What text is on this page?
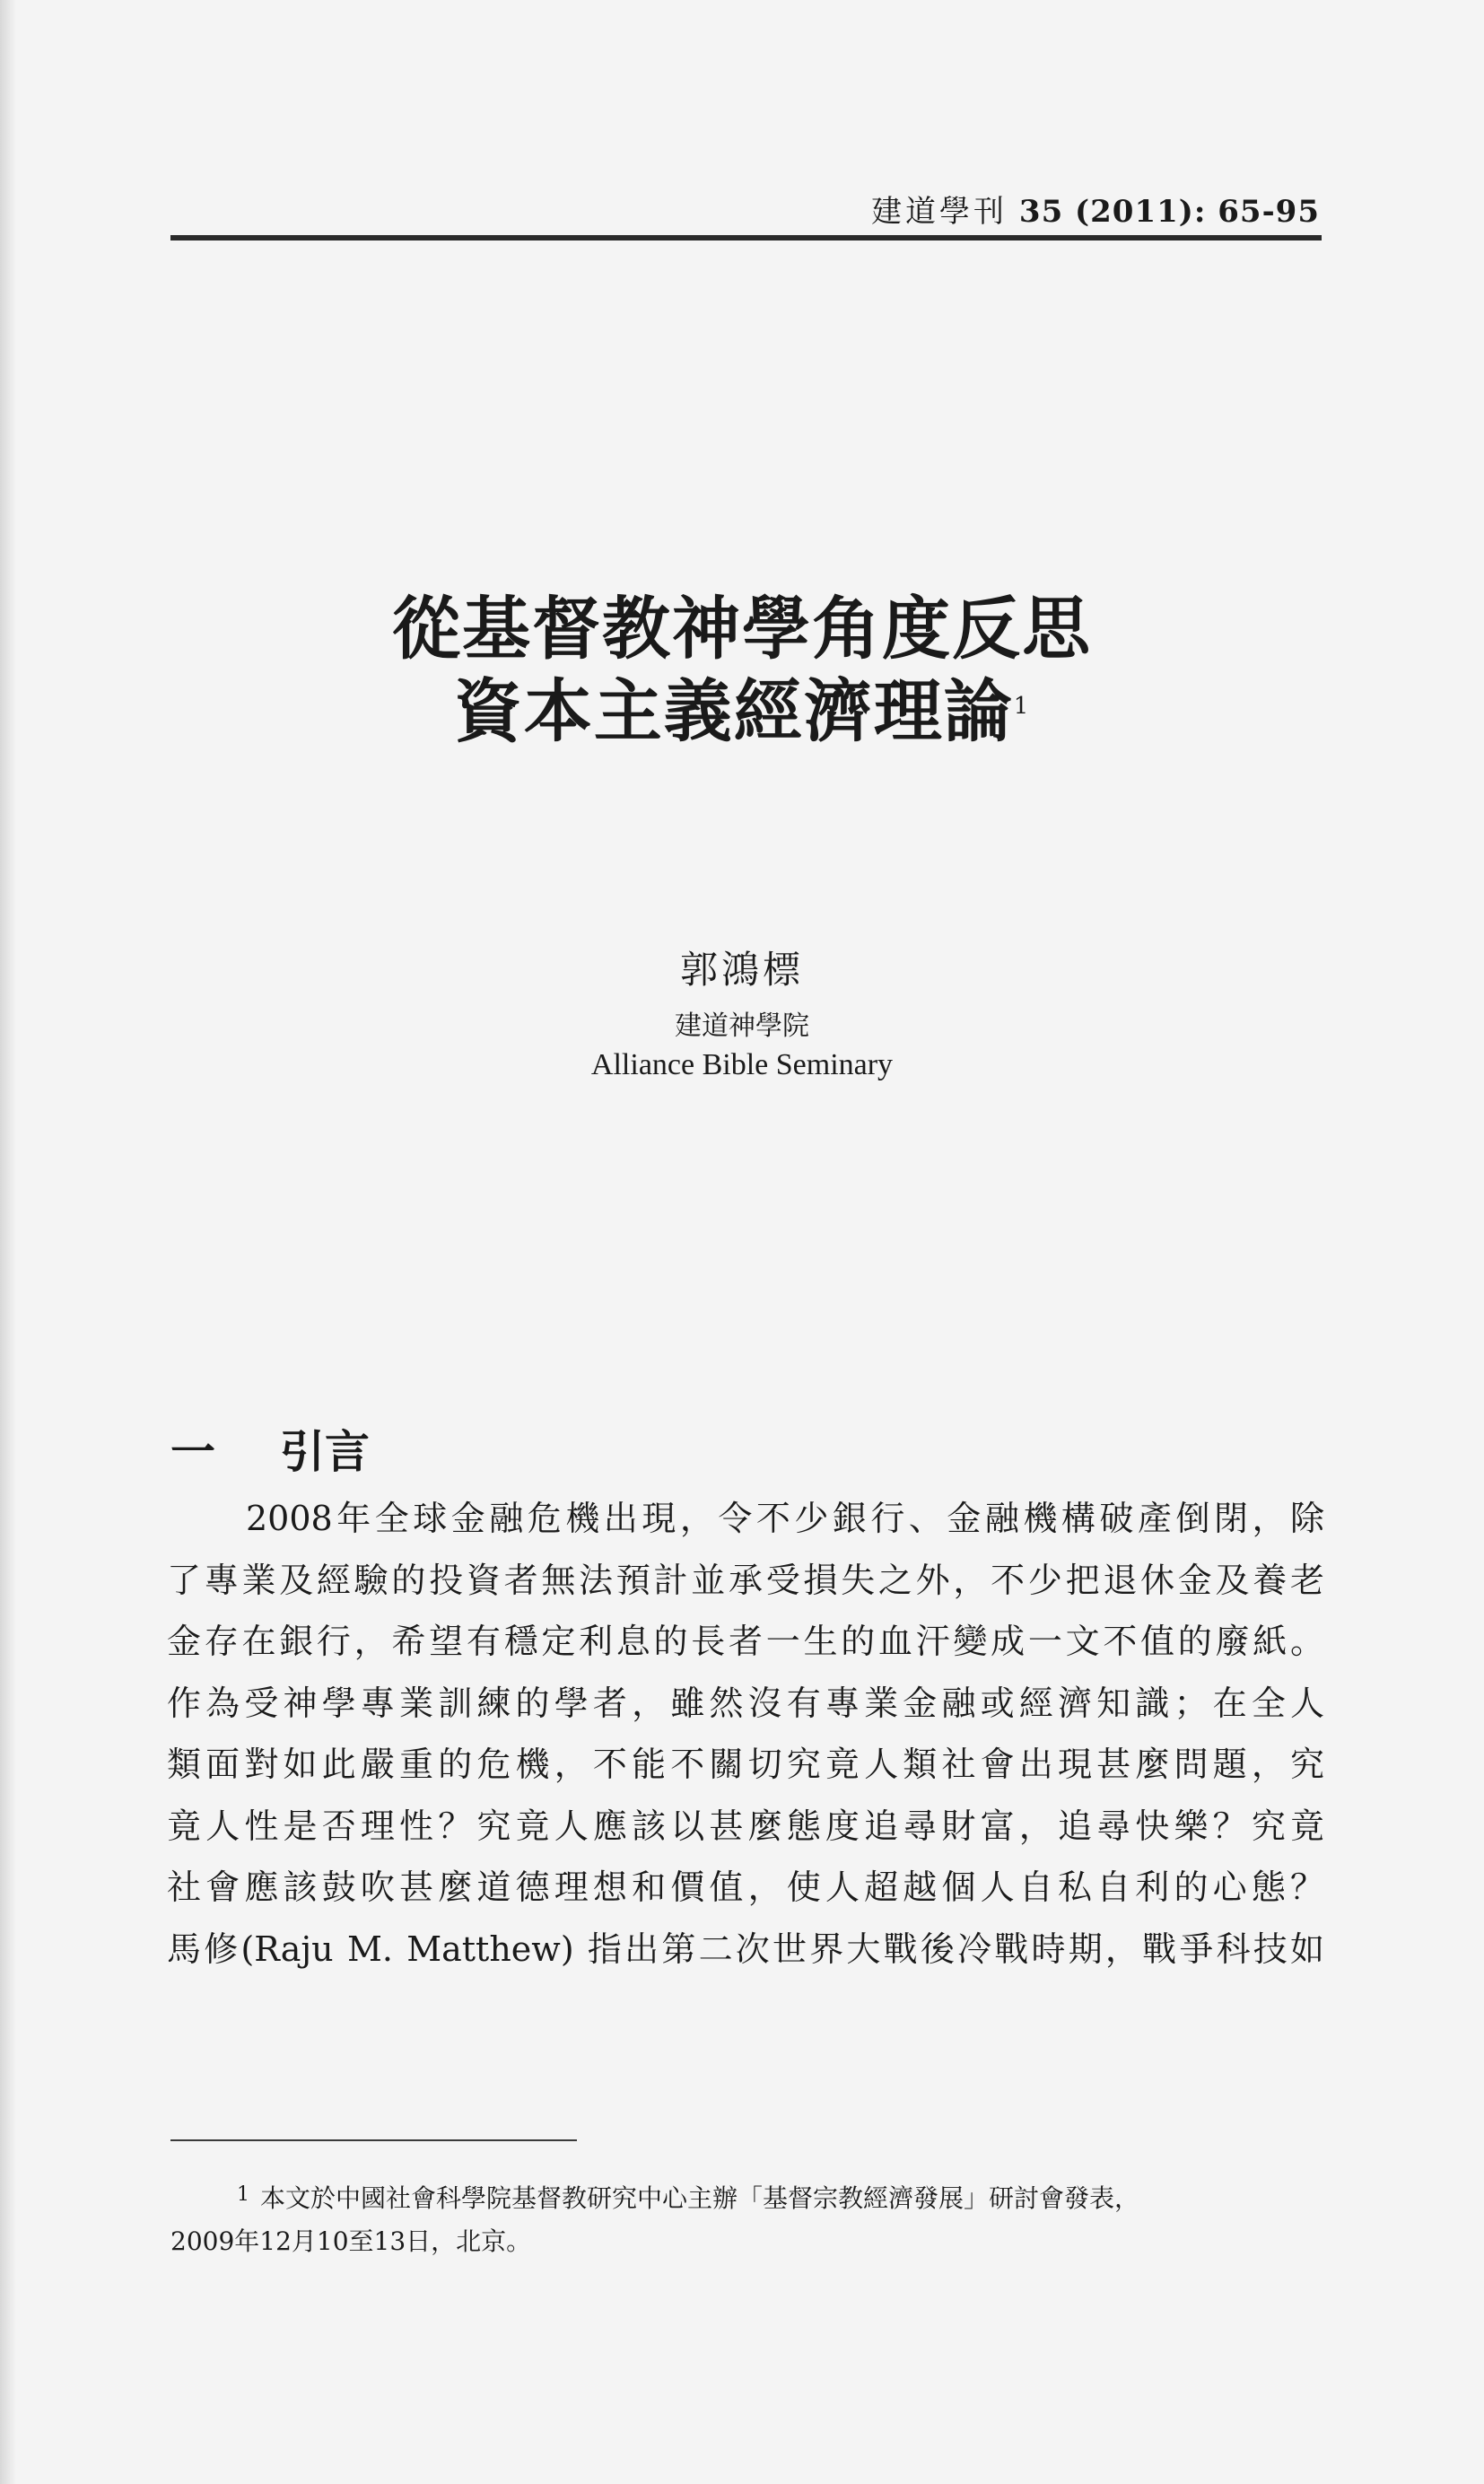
建道學刊 35 (2011): 65-95
從基督教神學角度反思
資本主義經濟理論$^1$
郭鴻標
建道神學院
Alliance Bible Seminary
一 引言
2008年全球金融危機出現，令不少銀行、金融機構破產倒閉，除
了專業及經驗的投資者無法預計並承受損失之外，不少把退休金及養老
金存在銀行，希望有穩定利息的長者一生的血汗變成一文不值的廢紙。
作為受神學專業訓練的學者，雖然沒有專業金融或經濟知識；在全人
類面對如此嚴重的危機，不能不關切究竟人類社會出現甚麼問題，究
竟人性是否理性？究竟人應該以甚麼態度追尋財富，追尋快樂？究竟
社會應該鼓吹甚麼道德理想和價值，使人超越個人自私自利的心態？
馬修(Raju M. Matthew) 指出第二次世界大戰後冷戰時期，戰爭科技如
$^1$ 本文於中國社會科學院基督教研究中心主辦「基督宗教經濟發展」研討會發表，
2009年12月10至13日，北京。
